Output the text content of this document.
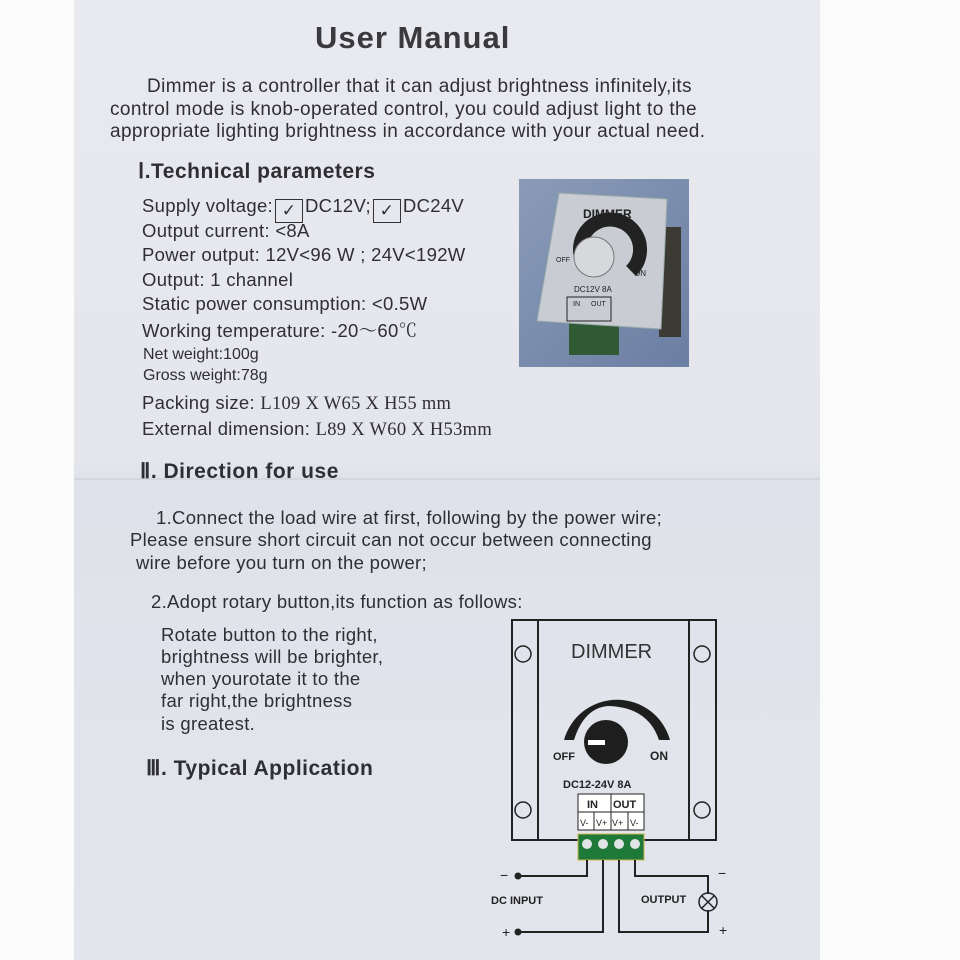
User Manual
Dimmer is a controller that it can adjust brightness infinitely,its
control mode is knob-operated control, you could adjust light to the
appropriate lighting brightness in accordance with your actual need.
Ⅰ.Technical parameters
Supply voltage: ✓ DC12V; ✓ DC24V
Output current: <8A
Power output: 12V<96 W ; 24V<192W
Output: 1 channel
Static power consumption: <0.5W
Working temperature: -20～60℃
Net weight:100g
Gross weight:78g
Packing size: L109 X W65 X H55 mm
External dimension: L89 X W60 X H53mm
DIMMER
OFF
ON
DC12V 8A
IN OUT
Ⅱ. Direction for use
1.Connect the load wire at first, following by the power wire;
Please ensure short circuit can not occur between connecting
wire before you turn on the power;
2.Adopt rotary button,its function as follows:
Rotate button to the right,
brightness will be brighter,
when yourotate it to the
far right,the brightness
is greatest.
Ⅲ. Typical Application
DIMMER
OFF	ON
DC12-24V 8A
IN OUT
V- V+ V+ V-
−
+
−
+
DC INPUT	OUTPUT
